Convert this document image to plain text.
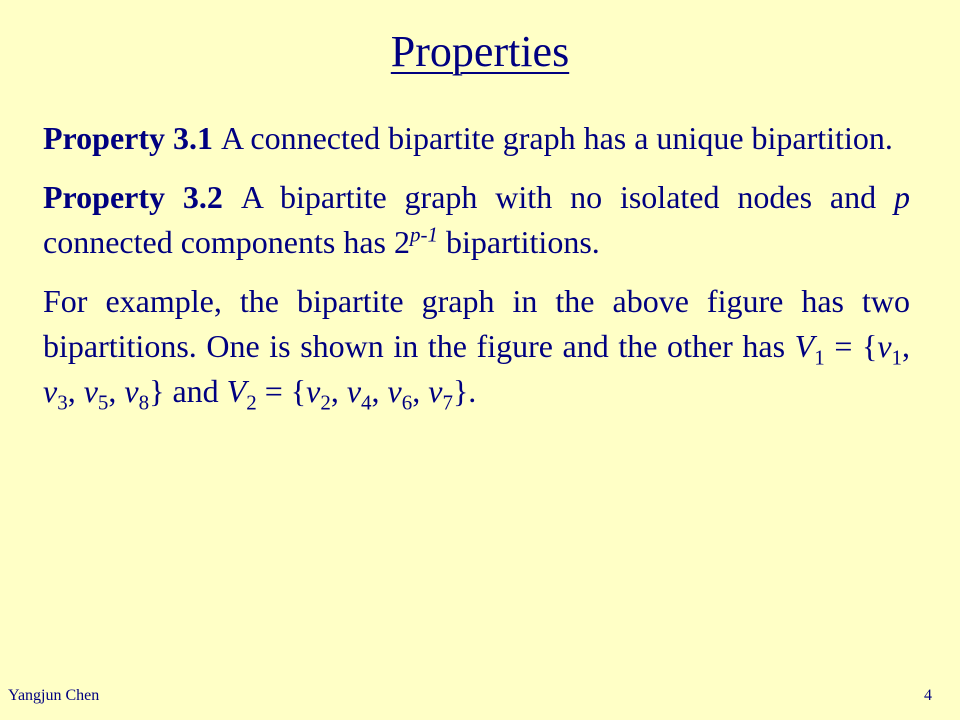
Properties

Property 3.1 A connected bipartite graph has a unique bipartition.

Property 3.2 A bipartite graph with no isolated nodes and p connected components has 2$^{p-1}$ bipartitions.

For example, the bipartite graph in the above figure has two bipartitions. One is shown in the figure and the other has $V_1 = \{v_1$, $v_3$, $v_5$, $v_8$} and $V_2 = \{v_2$, $v_4$, $v_6$, $v_7$}.

Yangjun Chen	4
